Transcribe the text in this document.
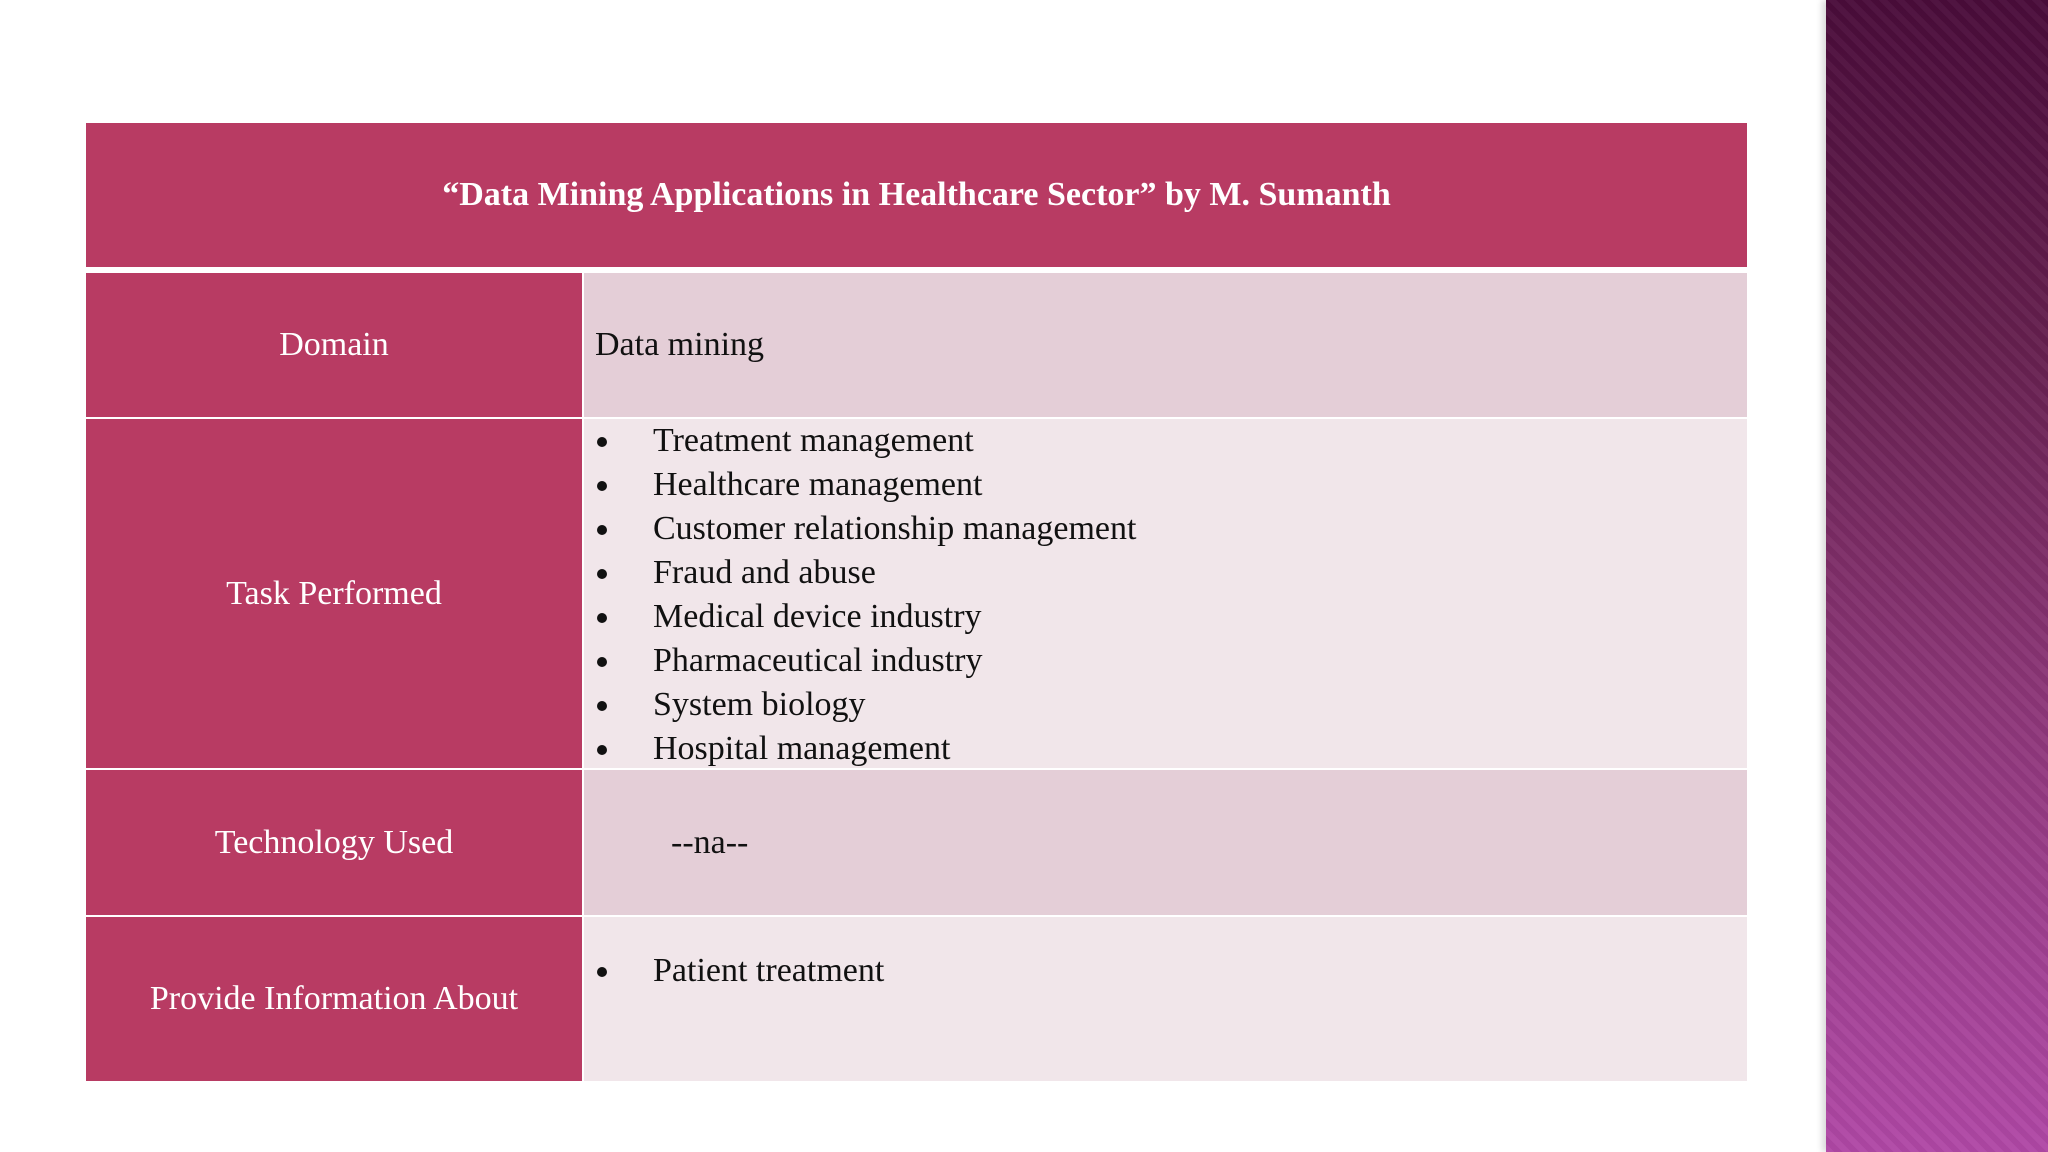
“Data Mining Applications in Healthcare Sector” by M. Sumanth
Domain	Data mining
Task Performed
Treatment management
Healthcare management
Customer relationship management
Fraud and abuse
Medical device industry
Pharmaceutical industry
System biology
Hospital management
Technology Used	--na--
Provide Information About
Patient treatment
